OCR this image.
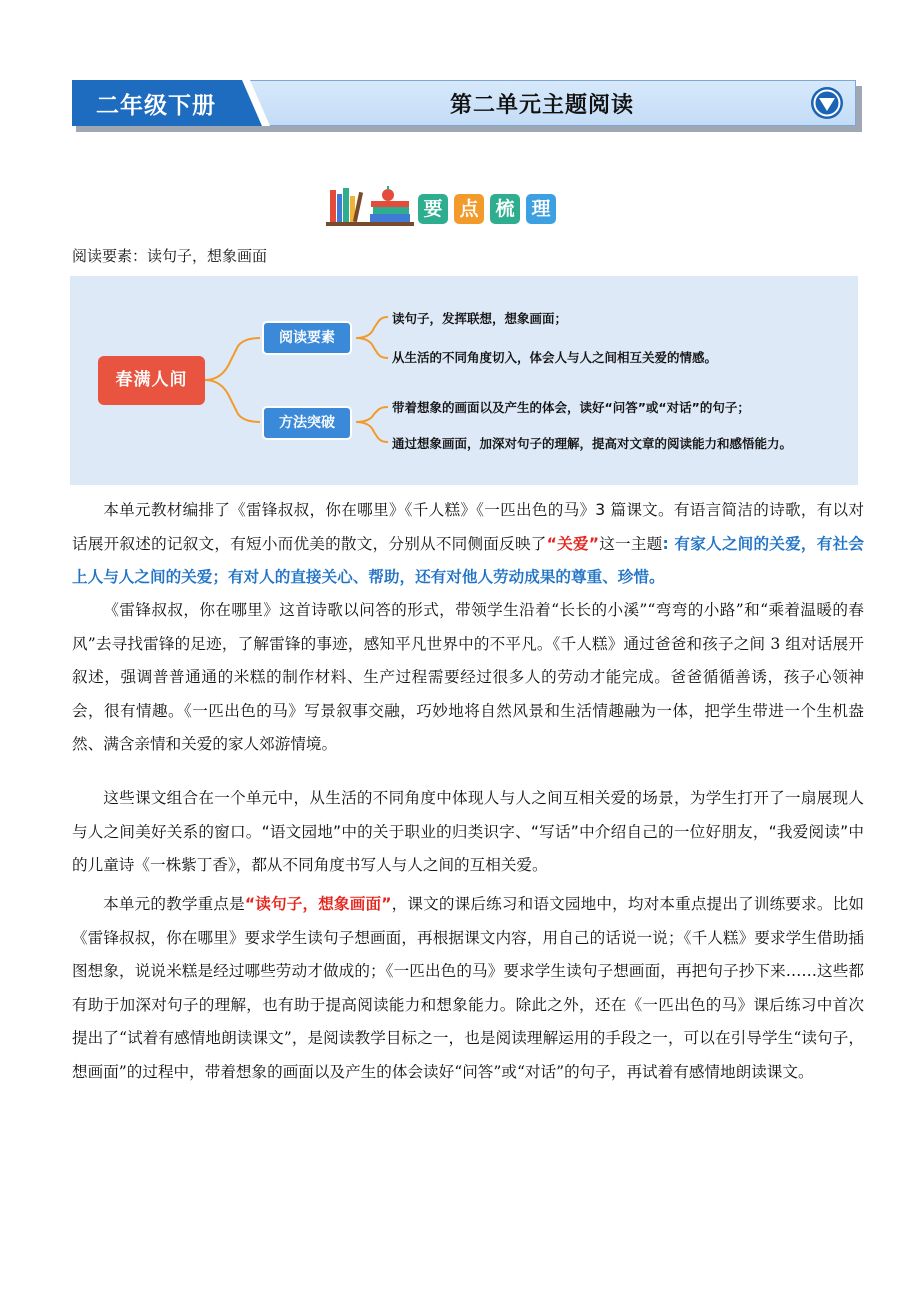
二年级下册	第二单元主题阅读
要 点 梳 理
阅读要素：读句子，想象画面
春满人间
阅读要素
方法突破
读句子，发挥联想，想象画面；
从生活的不同角度切入，体会人与人之间相互关爱的情感。
带着想象的画面以及产生的体会，读好“问答”或“对话”的句子；
通过想象画面，加深对句子的理解，提高对文章的阅读能力和感悟能力。

本单元教材编排了《雷锋叔叔，你在哪里》《千人糕》《一匹出色的马》3 篇课文。有语言简洁的诗歌，有以对话展开叙述的记叙文，有短小而优美的散文，分别从不同侧面反映了“关爱”这一主题: 有家人之间的关爱，有社会上人与人之间的关爱；有对人的直接关心、帮助，还有对他人劳动成果的尊重、珍惜。

《雷锋叔叔，你在哪里》这首诗歌以问答的形式，带领学生沿着“长长的小溪”“弯弯的小路”和“乘着温暖的春风”去寻找雷锋的足迹，了解雷锋的事迹，感知平凡世界中的不平凡。《千人糕》通过爸爸和孩子之间 3 组对话展开叙述，强调普普通通的米糕的制作材料、生产过程需要经过很多人的劳动才能完成。爸爸循循善诱，孩子心领神会，很有情趣。《一匹出色的马》写景叙事交融，巧妙地将自然风景和生活情趣融为一体，把学生带进一个生机盎然、满含亲情和关爱的家人郊游情境。

这些课文组合在一个单元中，从生活的不同角度中体现人与人之间互相关爱的场景，为学生打开了一扇展现人与人之间美好关系的窗口。“语文园地”中的关于职业的归类识字、“写话”中介绍自己的一位好朋友，“我爱阅读”中的儿童诗《一株紫丁香》，都从不同角度书写人与人之间的互相关爱。

本单元的教学重点是“读句子，想象画面”，课文的课后练习和语文园地中，均对本重点提出了训练要求。比如《雷锋叔叔，你在哪里》要求学生读句子想画面，再根据课文内容，用自己的话说一说；《千人糕》要求学生借助插图想象，说说米糕是经过哪些劳动才做成的；《一匹出色的马》要求学生读句子想画面，再把句子抄下来……这些都有助于加深对句子的理解，也有助于提高阅读能力和想象能力。除此之外，还在《一匹出色的马》课后练习中首次提出了“试着有感情地朗读课文”，是阅读教学目标之一，也是阅读理解运用的手段之一，可以在引导学生“读句子，想画面”的过程中，带着想象的画面以及产生的体会读好“问答”或“对话”的句子，再试着有感情地朗读课文。
